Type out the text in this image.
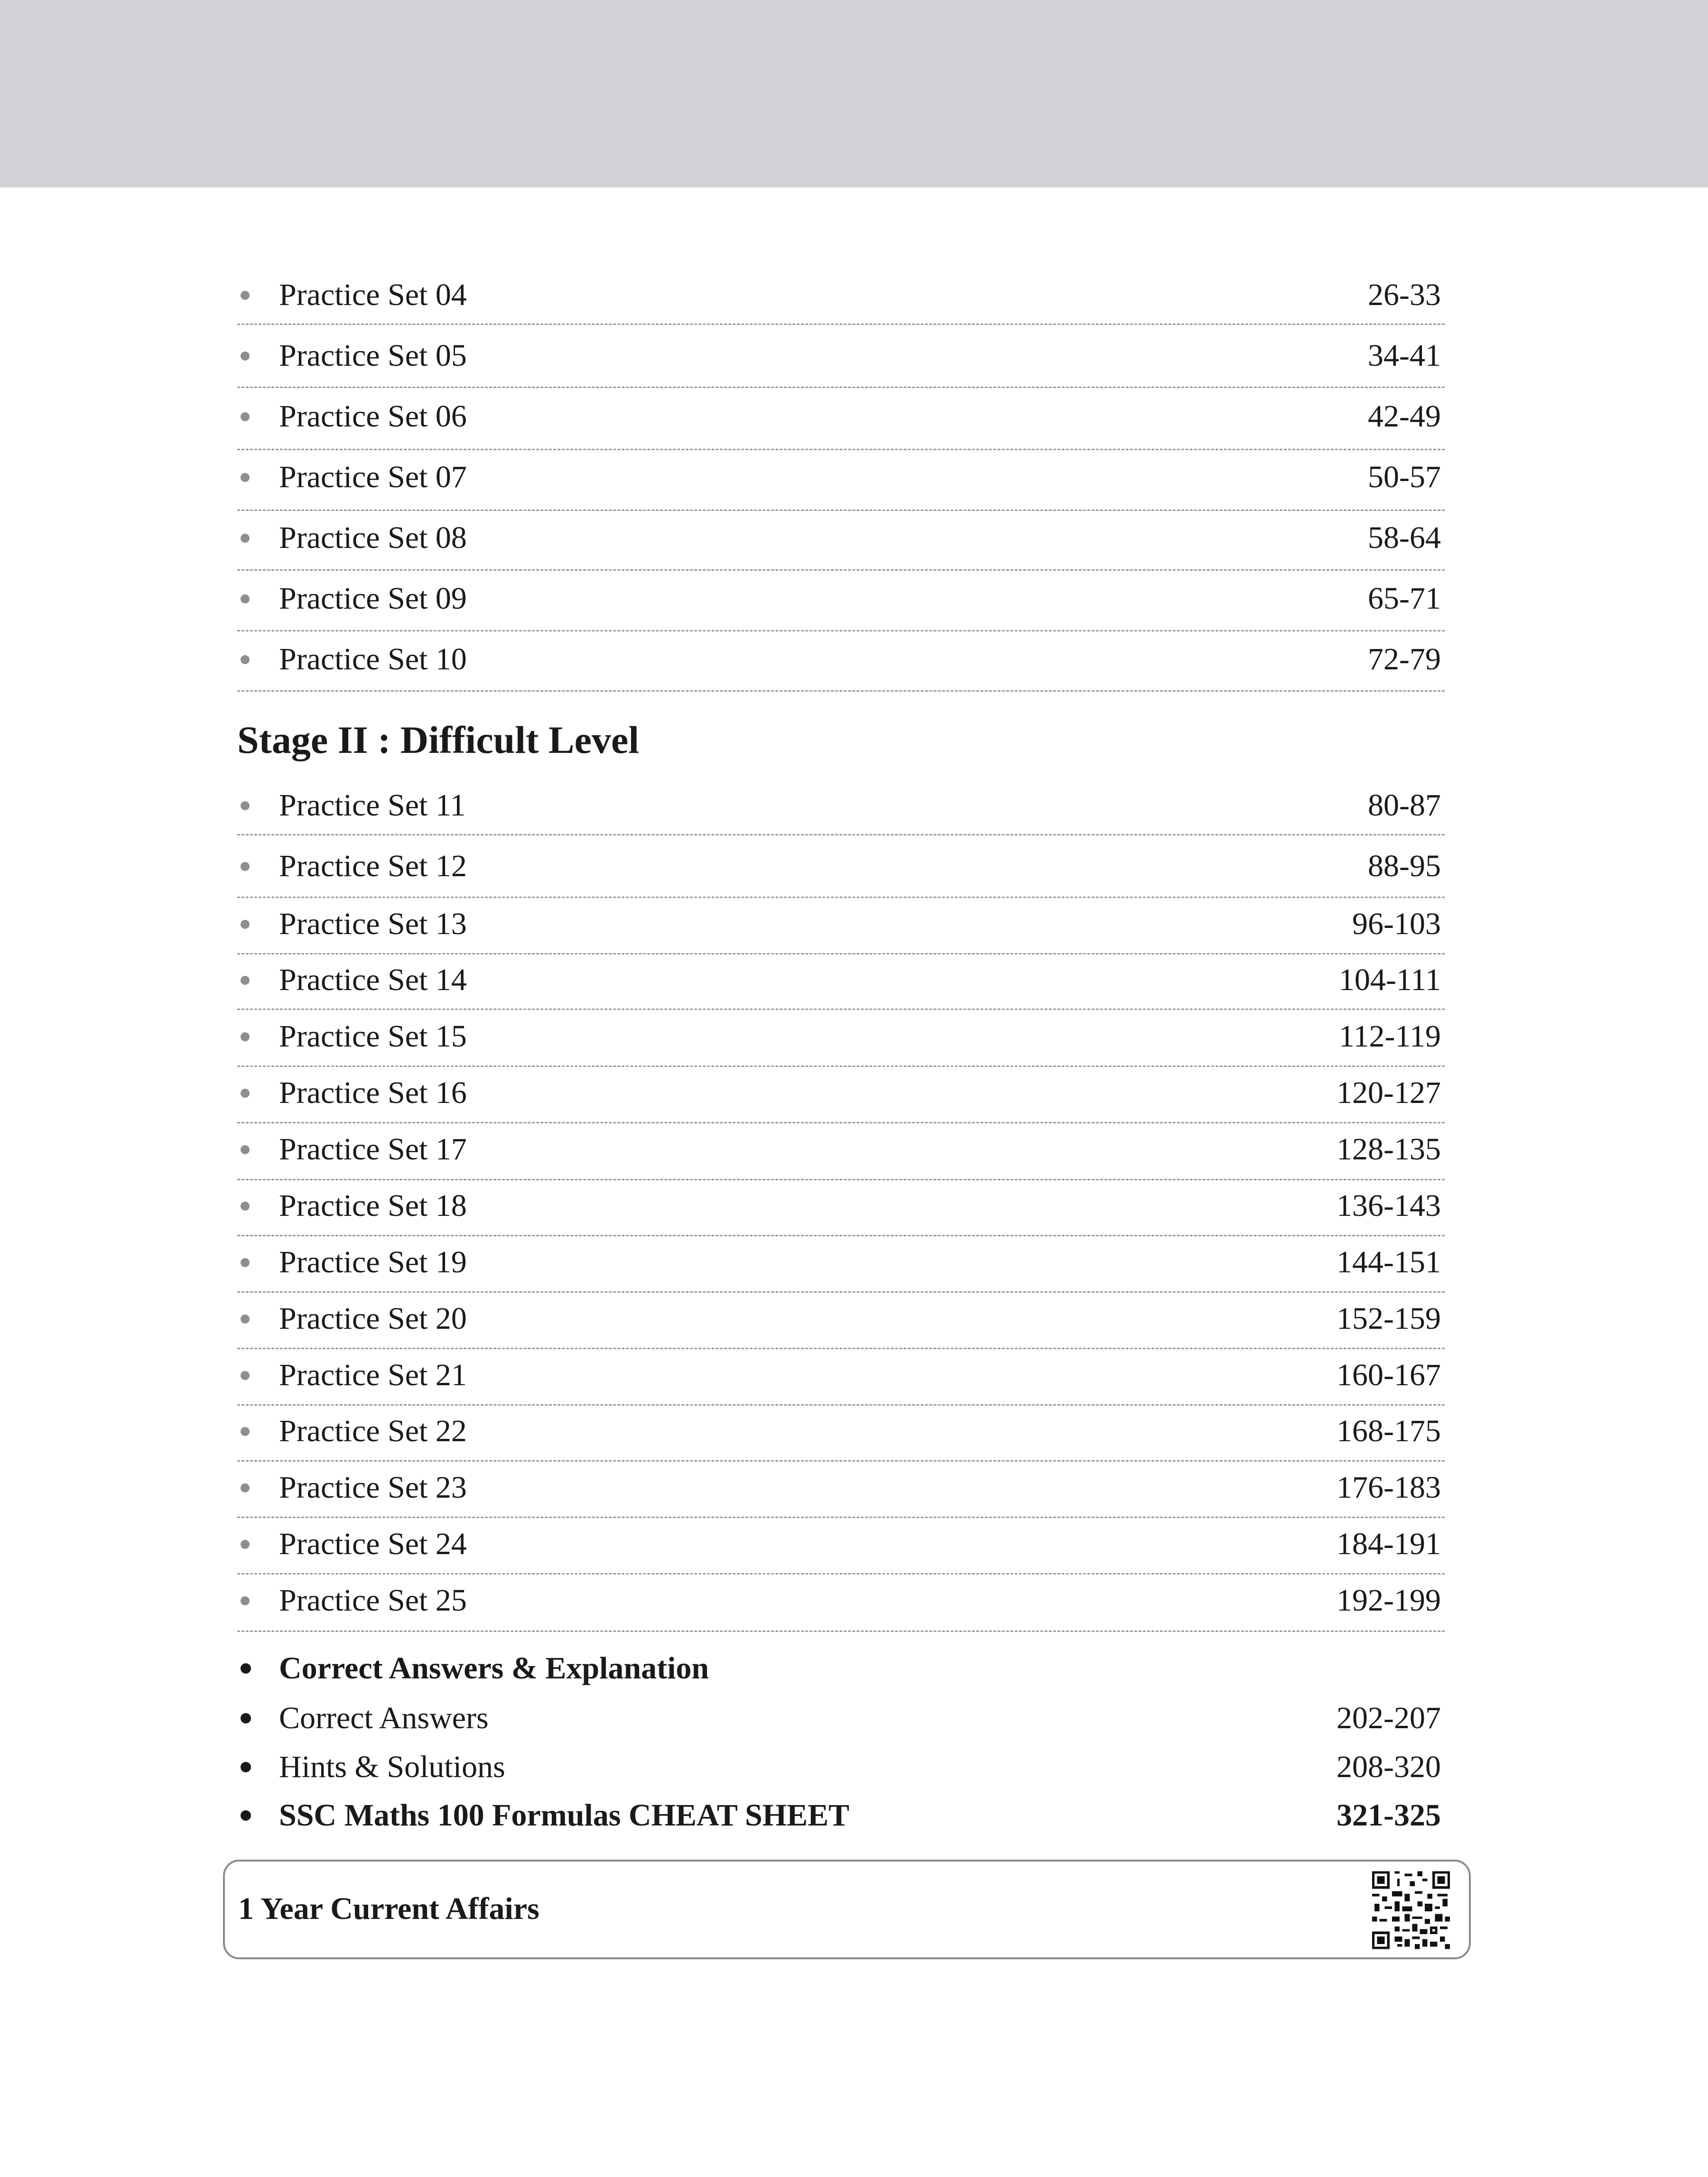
Practice Set 04	26-33
Practice Set 05	34-41
Practice Set 06	42-49
Practice Set 07	50-57
Practice Set 08	58-64
Practice Set 09	65-71
Practice Set 10	72-79
Stage II : Difficult Level
Practice Set 11	80-87
Practice Set 12	88-95
Practice Set 13	96-103
Practice Set 14	104-111
Practice Set 15	112-119
Practice Set 16	120-127
Practice Set 17	128-135
Practice Set 18	136-143
Practice Set 19	144-151
Practice Set 20	152-159
Practice Set 21	160-167
Practice Set 22	168-175
Practice Set 23	176-183
Practice Set 24	184-191
Practice Set 25	192-199
Correct Answers & Explanation
Correct Answers	202-207
Hints & Solutions	208-320
SSC Maths 100 Formulas CHEAT SHEET	321-325
1 Year Current Affairs
